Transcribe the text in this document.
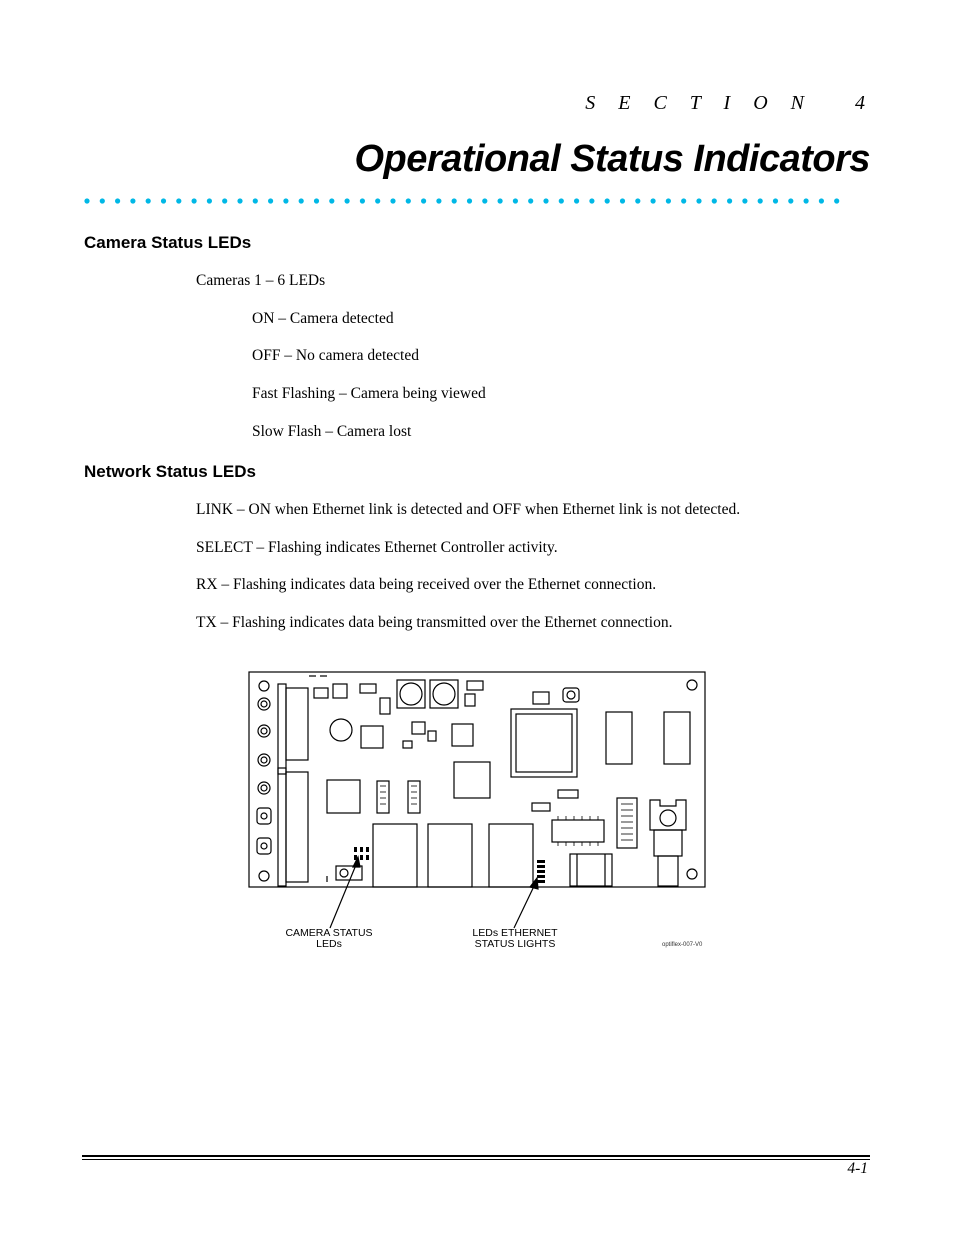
S E C T I O N   4
Operational Status Indicators
Camera Status LEDs

Cameras 1 – 6 LEDs

ON – Camera detected

OFF – No camera detected

Fast Flashing – Camera being viewed

Slow Flash – Camera lost

Network Status LEDs

LINK – ON when Ethernet link is detected and OFF when Ethernet link is not detected.

SELECT – Flashing indicates Ethernet Controller activity.

RX – Flashing indicates data being received over the Ethernet connection.

TX – Flashing indicates data being transmitted over the Ethernet connection.

CAMERA STATUS
LEDs
LEDs ETHERNET
STATUS LIGHTS	optiflex-007-V0
4-1
